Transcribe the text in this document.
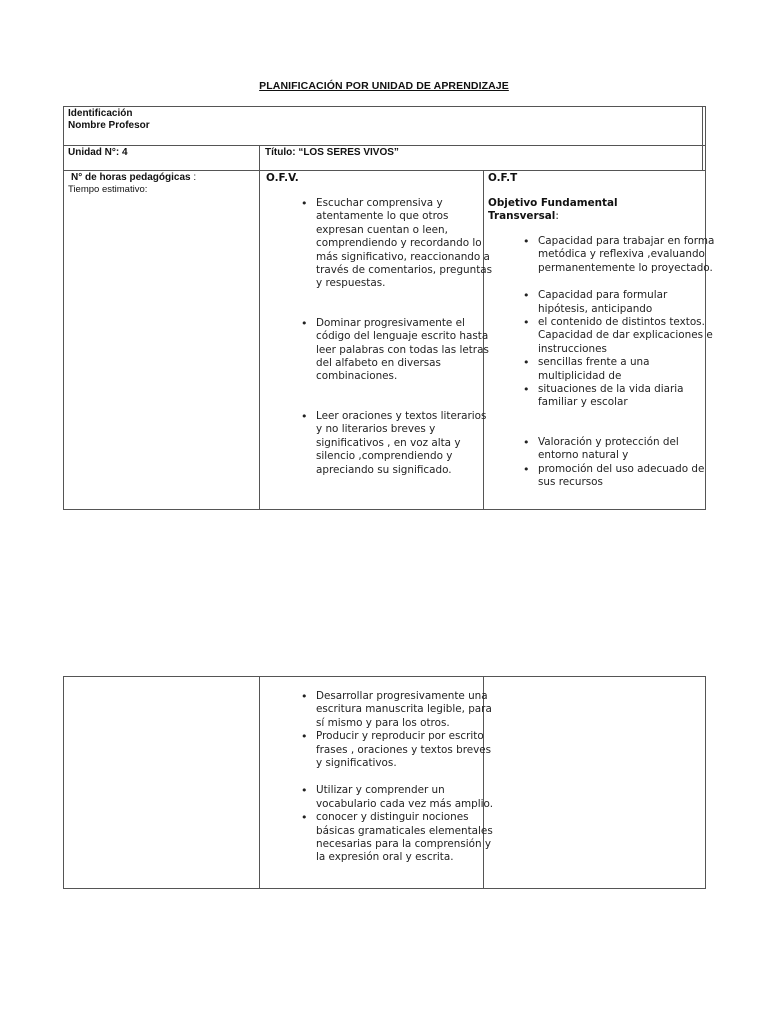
PLANIFICACIÓN POR UNIDAD DE APRENDIZAJE
Identificación
Nombre Profesor
Unidad N°: 4	Título: “LOS SERES VIVOS”
N° de horas pedagógicas :
Tiempo estimativo:
O.F.V.
• Escuchar comprensiva y atentamente lo que otros expresan cuentan o leen, comprendiendo y recordando lo más significativo, reaccionando a través de comentarios, preguntas y respuestas.
• Dominar progresivamente el código del lenguaje escrito hasta leer palabras con todas las letras del alfabeto en diversas combinaciones.
• Leer oraciones y textos literarios y no literarios breves y significativos , en voz alta y silencio ,comprendiendo y apreciando su significado.
O.F.T
Objetivo Fundamental Transversal:
• Capacidad para trabajar en forma metódica y reflexiva ,evaluando permanentemente lo proyectado.
• Capacidad para formular hipótesis, anticipando
• el contenido de distintos textos. Capacidad de dar explicaciones e instrucciones
• sencillas frente a una multiplicidad de
• situaciones de la vida diaria familiar y escolar
• Valoración y protección del entorno natural y
• promoción del uso adecuado de sus recursos
• Desarrollar progresivamente una escritura manuscrita legible, para sí mismo y para los otros.
• Producir y reproducir por escrito frases , oraciones y textos breves y significativos.
• Utilizar y comprender un vocabulario cada vez más amplio.
• conocer y distinguir nociones básicas gramaticales elementales necesarias para la comprensión y la expresión oral y escrita.
